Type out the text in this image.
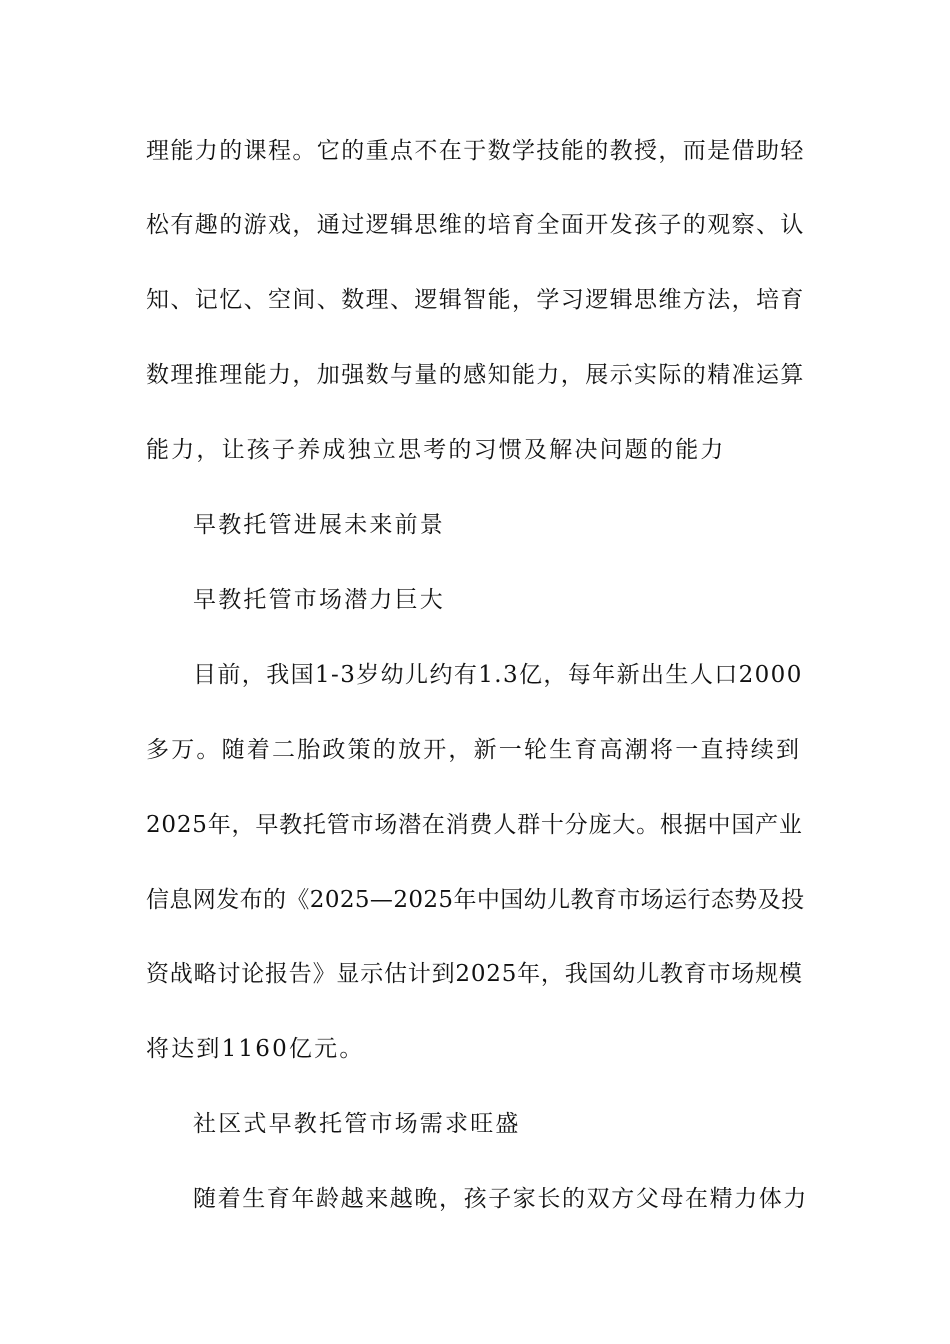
理能力的课程。它的重点不在于数学技能的教授，而是借助轻
松有趣的游戏，通过逻辑思维的培育全面开发孩子的观察、认
知、记忆、空间、数理、逻辑智能，学习逻辑思维方法，培育
数理推理能力，加强数与量的感知能力，展示实际的精准运算
能力，让孩子养成独立思考的习惯及解决问题的能力
早教托管进展未来前景
早教托管市场潜力巨大
目前，我国1-3岁幼儿约有1.3亿，每年新出生人口2000
多万。随着二胎政策的放开，新一轮生育高潮将一直持续到
2025年，早教托管市场潜在消费人群十分庞大。根据中国产业
信息网发布的《2025—2025年中国幼儿教育市场运行态势及投
资战略讨论报告》显示估计到2025年，我国幼儿教育市场规模
将达到1160亿元。
社区式早教托管市场需求旺盛
随着生育年龄越来越晚，孩子家长的双方父母在精力体力
